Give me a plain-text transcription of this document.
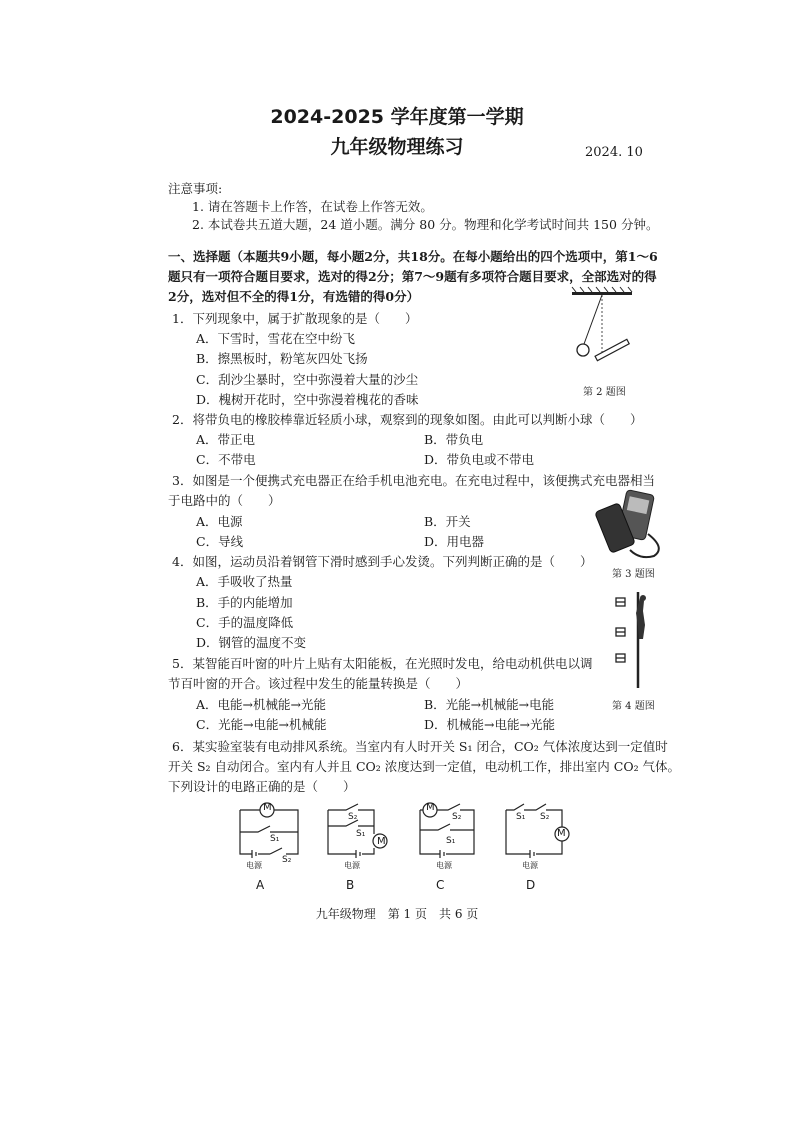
2024-2025 学年度第一学期
九年级物理练习	2024. 10
注意事项:
1. 请在答题卡上作答，在试卷上作答无效。
2. 本试卷共五道大题，24 道小题。满分 80 分。物理和化学考试时间共 150 分钟。
一、选择题（本题共9小题，每小题2分，共18分。在每小题给出的四个选项中，第1～6
题只有一项符合题目要求，选对的得2分；第7～9题有多项符合题目要求，全部选对的得
2分，选对但不全的得1分，有选错的得0分）
1．下列现象中，属于扩散现象的是（　　）
A．下雪时，雪花在空中纷飞
B．擦黑板时，粉笔灰四处飞扬
C．刮沙尘暴时，空中弥漫着大量的沙尘
D．槐树开花时，空中弥漫着槐花的香味	第 2 题图
2．将带负电的橡胶棒靠近轻质小球，观察到的现象如图。由此可以判断小球（　　）
A．带正电	B．带负电
C．不带电	D．带负电或不带电
3．如图是一个便携式充电器正在给手机电池充电。在充电过程中，该便携式充电器相当
于电路中的（　　）
A．电源	B．开关
C．导线	D．用电器
第 3 题图
4．如图，运动员沿着钢管下滑时感到手心发烫。下列判断正确的是（　　）
A．手吸收了热量
B．手的内能增加
C．手的温度降低
D．钢管的温度不变
第 4 题图
5．某智能百叶窗的叶片上贴有太阳能板，在光照时发电，给电动机供电以调
节百叶窗的开合。该过程中发生的能量转换是（　　）
A．电能→机械能→光能	B．光能→机械能→电能
C．光能→电能→机械能	D．机械能→电能→光能
6．某实验室装有电动排风系统。当室内有人时开关 S₁ 闭合，CO₂ 气体浓度达到一定值时
开关 S₂ 自动闭合。室内有人并且 CO₂ 浓度达到一定值，电动机工作，排出室内 CO₂ 气体。
下列设计的电路正确的是（　　）
M
S₁
S₂
电源
A
S₂
S₁
M
电源
B
M
S₂
S₁
电源
C
S₁ S₂
M
电源
D
九年级物理　第 1 页　共 6 页
